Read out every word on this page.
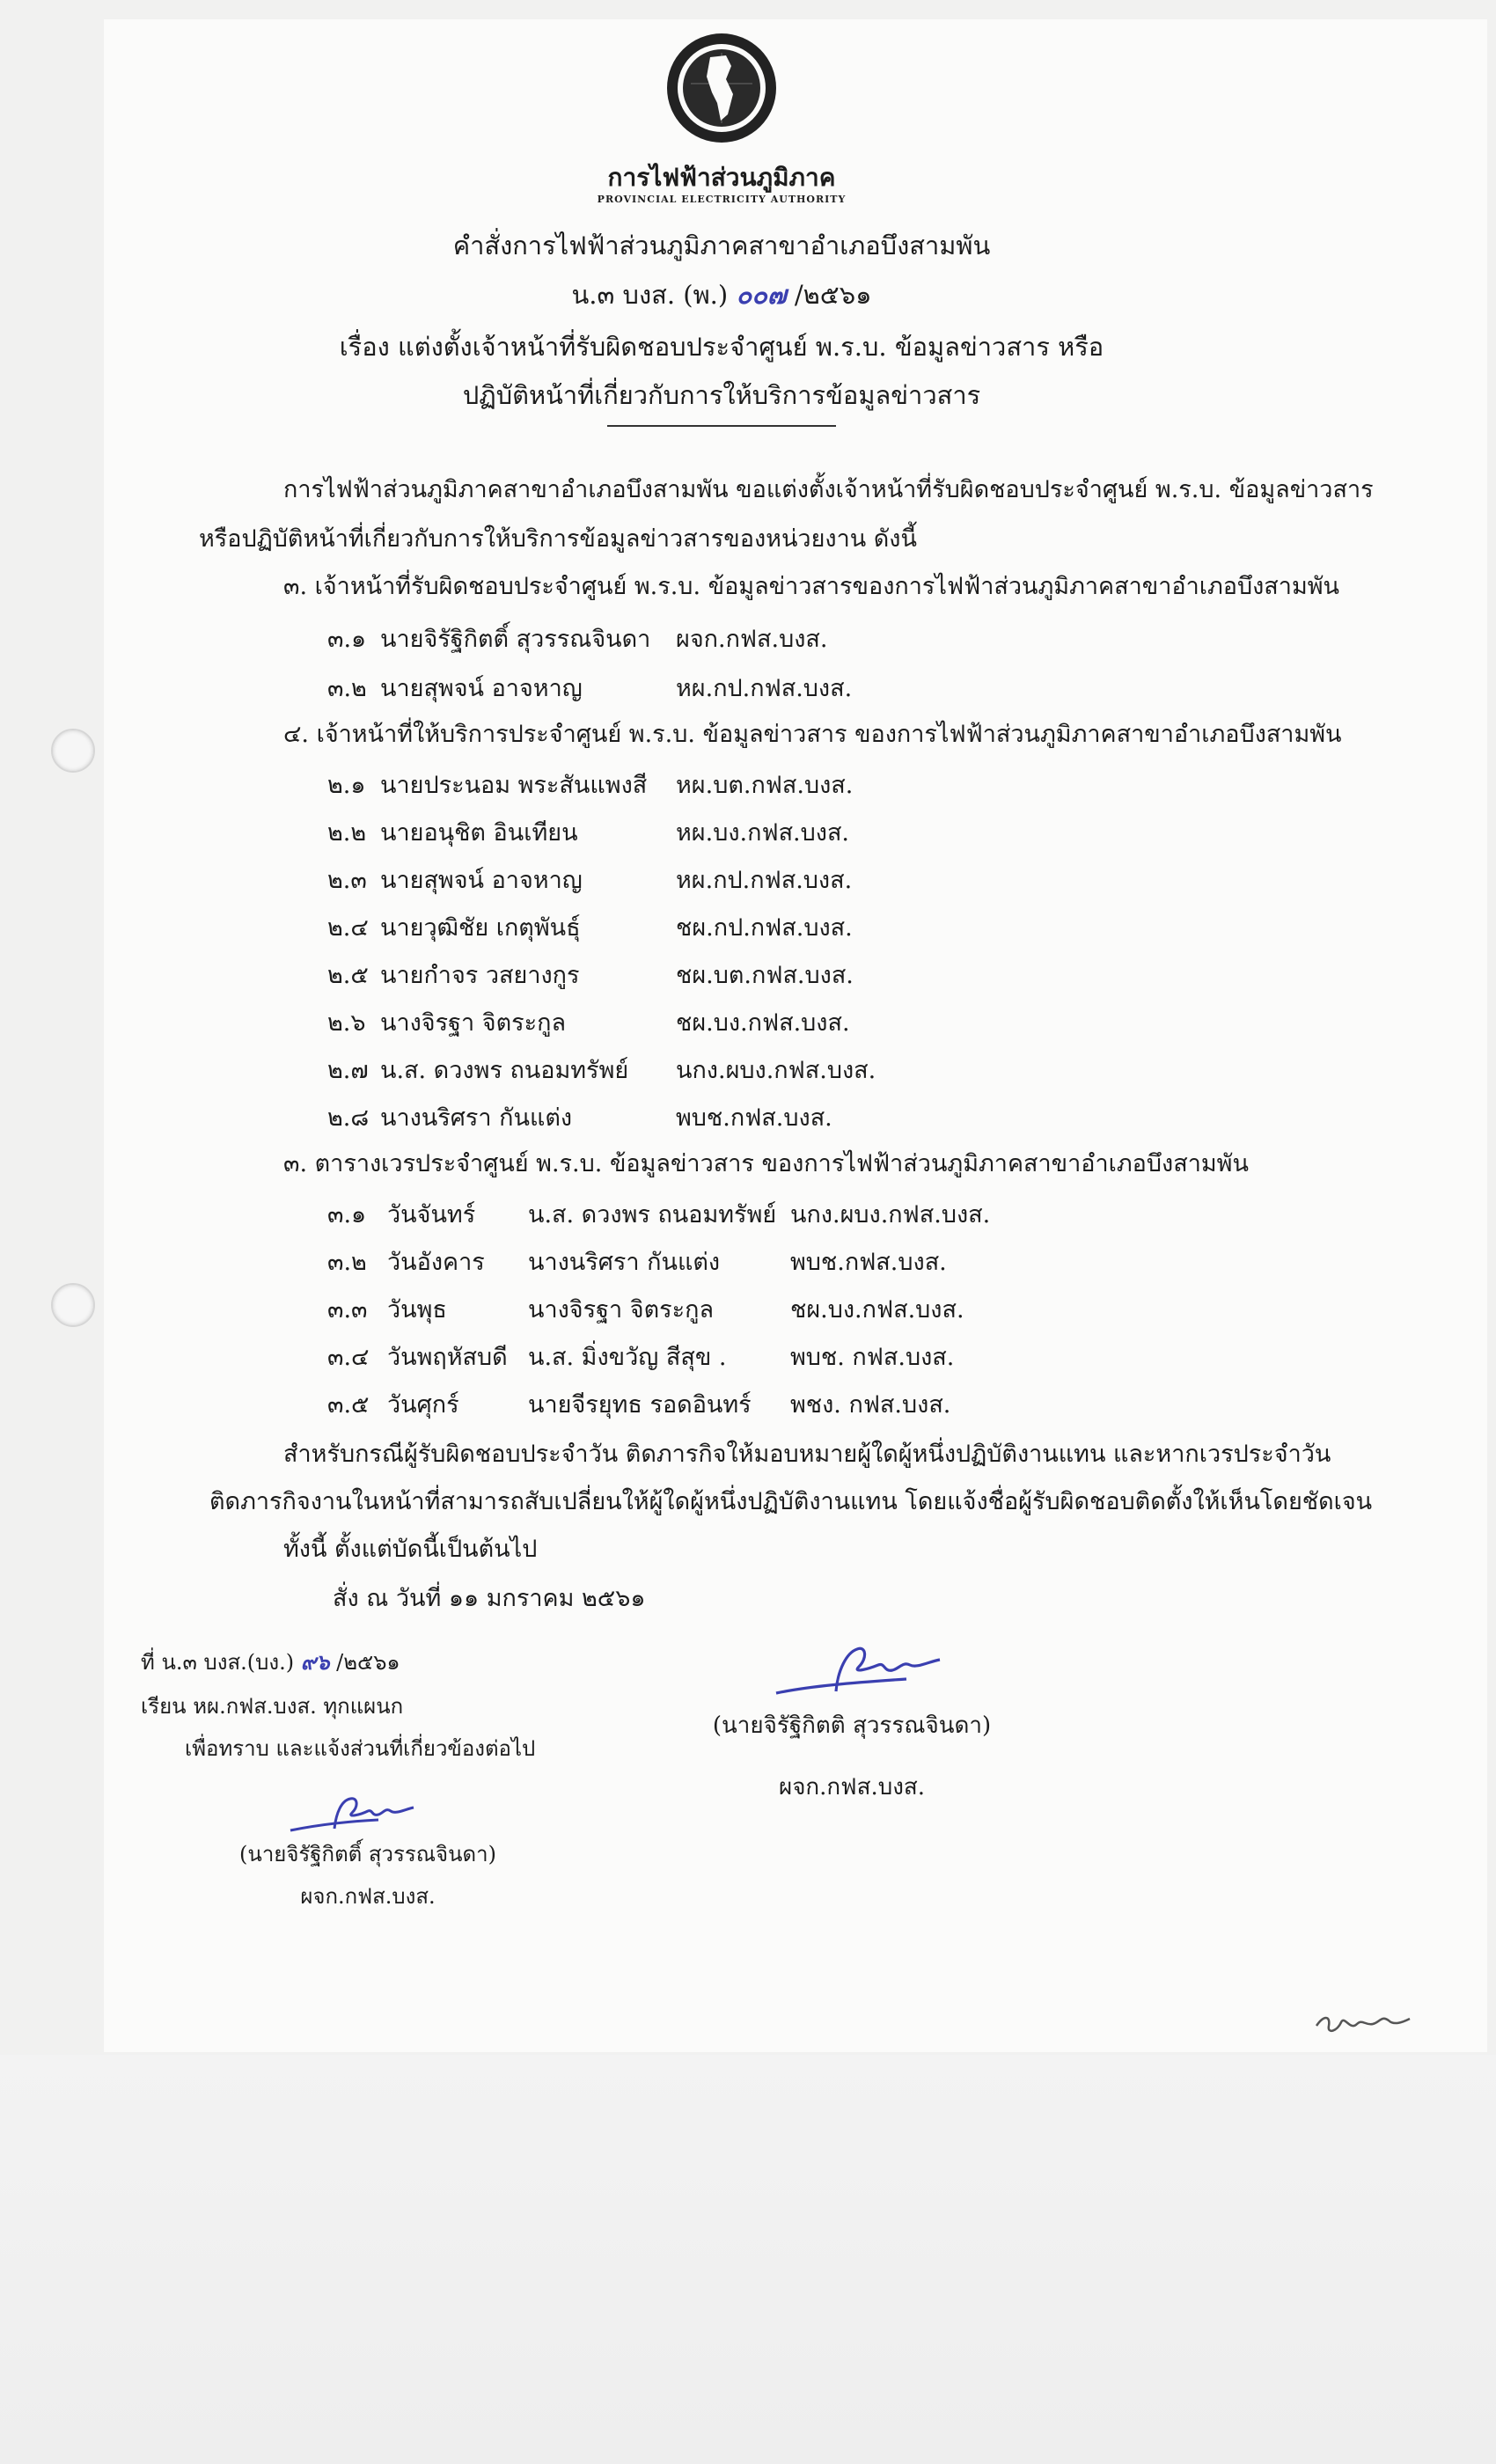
การไฟฟ้าส่วนภูมิภาค
PROVINCIAL ELECTRICITY AUTHORITY
คำสั่งการไฟฟ้าส่วนภูมิภาคสาขาอำเภอบึงสามพัน
น.๓ บงส. (พ.) ๐๐๗ /๒๕๖๑
เรื่อง แต่งตั้งเจ้าหน้าที่รับผิดชอบประจำศูนย์ พ.ร.บ. ข้อมูลข่าวสาร หรือ
ปฏิบัติหน้าที่เกี่ยวกับการให้บริการข้อมูลข่าวสาร
การไฟฟ้าส่วนภูมิภาคสาขาอำเภอบึงสามพัน ขอแต่งตั้งเจ้าหน้าที่รับผิดชอบประจำศูนย์ พ.ร.บ. ข้อมูลข่าวสาร
หรือปฏิบัติหน้าที่เกี่ยวกับการให้บริการข้อมูลข่าวสารของหน่วยงาน ดังนี้
๓. เจ้าหน้าที่รับผิดชอบประจำศูนย์ พ.ร.บ. ข้อมูลข่าวสารของการไฟฟ้าส่วนภูมิภาคสาขาอำเภอบึงสามพัน
๓.๑ นายจิรัฐิกิตติ์ สุวรรณจินดา ผจก.กฟส.บงส.
๓.๒ นายสุพจน์ อาจหาญ	หผ.กป.กฟส.บงส.
๔. เจ้าหน้าที่ให้บริการประจำศูนย์ พ.ร.บ. ข้อมูลข่าวสาร ของการไฟฟ้าส่วนภูมิภาคสาขาอำเภอบึงสามพัน
๒.๑ นายประนอม พระสันแพงสี หผ.บต.กฟส.บงส.
๒.๒ นายอนุชิต อินเทียน	หผ.บง.กฟส.บงส.
๒.๓ นายสุพจน์ อาจหาญ	หผ.กป.กฟส.บงส.
๒.๔ นายวุฒิชัย เกตุพันธุ์	ชผ.กป.กฟส.บงส.
๒.๕ นายกำจร วสยางกูร	ชผ.บต.กฟส.บงส.
๒.๖ นางจิรฐา จิตระกูล	ชผ.บง.กฟส.บงส.
๒.๗ น.ส. ดวงพร ถนอมทรัพย์ นกง.ผบง.กฟส.บงส.
๒.๘ นางนริศรา กันแต่ง	พบช.กฟส.บงส.
๓. ตารางเวรประจำศูนย์ พ.ร.บ. ข้อมูลข่าวสาร ของการไฟฟ้าส่วนภูมิภาคสาขาอำเภอบึงสามพัน
๓.๑ วันจันทร์ น.ส. ดวงพร ถนอมทรัพย์ นกง.ผบง.กฟส.บงส.
๓.๒ วันอังคาร นางนริศรา กันแต่ง	พบช.กฟส.บงส.
๓.๓ วันพุธ	นางจิรฐา จิตระกูล	ชผ.บง.กฟส.บงส.
๓.๔ วันพฤหัสบดี น.ส. มิ่งขวัญ สีสุข .	พบช. กฟส.บงส.
๓.๕ วันศุกร์	นายจีรยุทธ รอดอินทร์ พชง. กฟส.บงส.
สำหรับกรณีผู้รับผิดชอบประจำวัน ติดภารกิจให้มอบหมายผู้ใดผู้หนึ่งปฏิบัติงานแทน และหากเวรประจำวัน
ติดภารกิจงานในหน้าที่สามารถสับเปลี่ยนให้ผู้ใดผู้หนึ่งปฏิบัติงานแทน โดยแจ้งชื่อผู้รับผิดชอบติดตั้งให้เห็นโดยชัดเจน
ทั้งนี้ ตั้งแต่บัดนี้เป็นต้นไป
สั่ง ณ วันที่ ๑๑ มกราคม ๒๕๖๑
ที่ น.๓ บงส.(บง.) ๙๖ /๒๕๖๑
เรียน หผ.กฟส.บงส. ทุกแผนก
เพื่อทราบ และแจ้งส่วนที่เกี่ยวข้องต่อไป
(นายจิรัฐิกิตติ์ สุวรรณจินดา)
ผจก.กฟส.บงส.
(นายจิรัฐิกิตติ สุวรรณจินดา)
ผจก.กฟส.บงส.
